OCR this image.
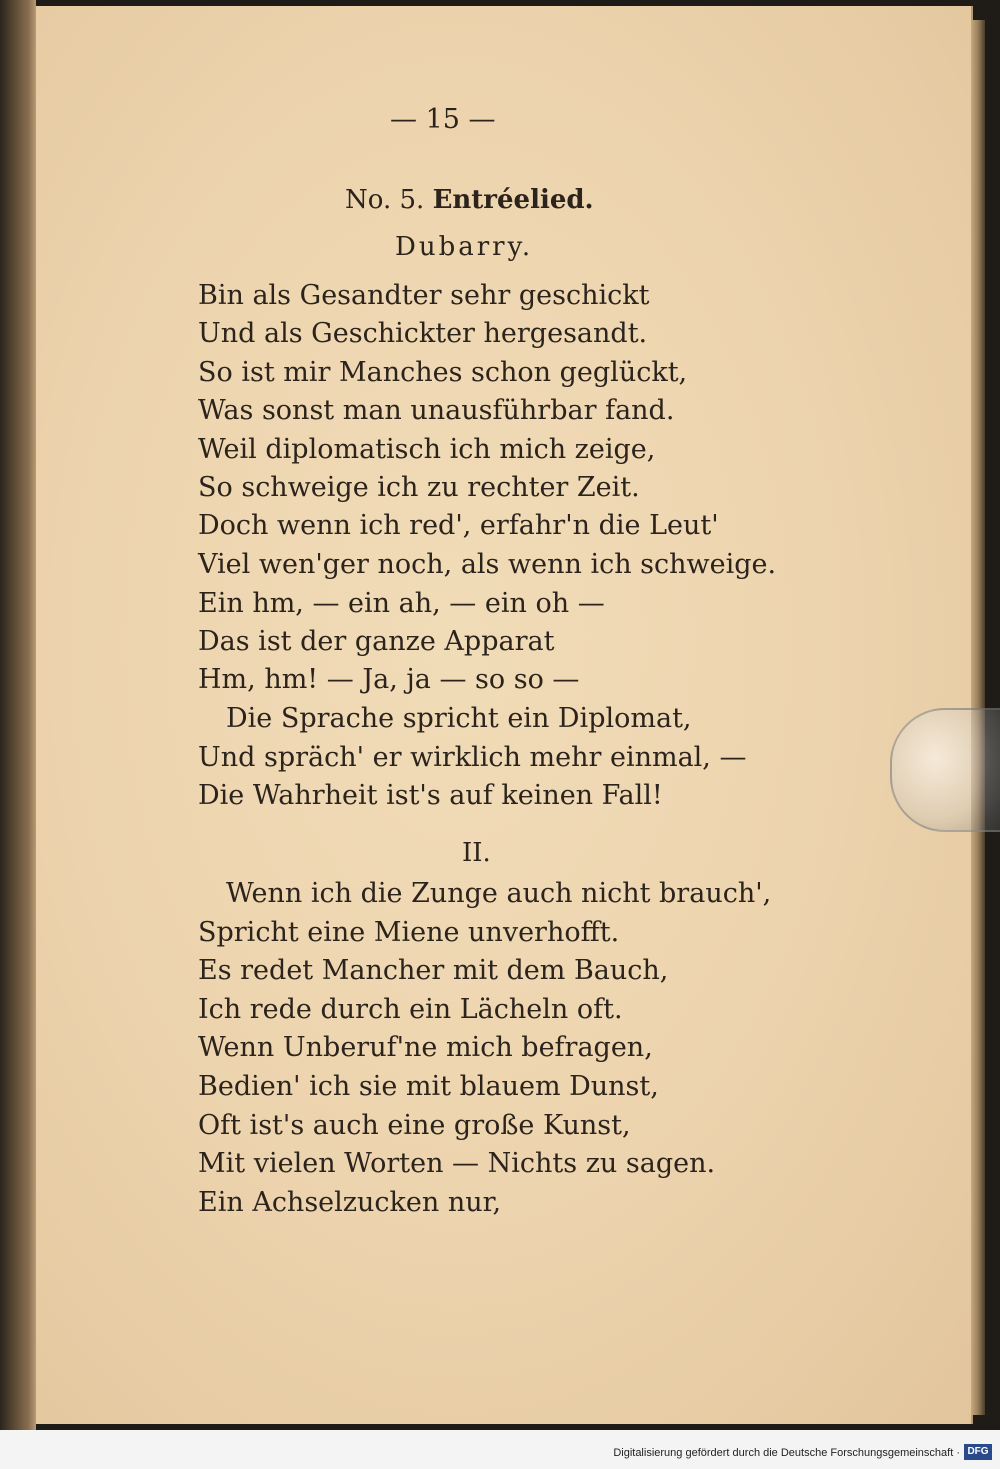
— 15 —
No. 5. Entréelied.
Dubarry.
Bin als Gesandter sehr geschickt
Und als Geschickter hergesandt.
So ist mir Manches schon geglückt,
Was sonst man unausführbar fand.
Weil diplomatisch ich mich zeige,
So schweige ich zu rechter Zeit.
Doch wenn ich red', erfahr'n die Leut'
Viel wen'ger noch, als wenn ich schweige.
Ein hm, — ein ah, — ein oh —
Das ist der ganze Apparat
Hm, hm! — Ja, ja — so so —
Die Sprache spricht ein Diplomat,
Und spräch' er wirklich mehr einmal, —
Die Wahrheit ist's auf keinen Fall!
II.
Wenn ich die Zunge auch nicht brauch',
Spricht eine Miene unverhofft.
Es redet Mancher mit dem Bauch,
Ich rede durch ein Lächeln oft.
Wenn Unberuf'ne mich befragen,
Bedien' ich sie mit blauem Dunst,
Oft ist's auch eine große Kunst,
Mit vielen Worten — Nichts zu sagen.
Ein Achselzucken nur,
Digitalisierung gefördert durch die Deutsche Forschungsgemeinschaft · DFG
